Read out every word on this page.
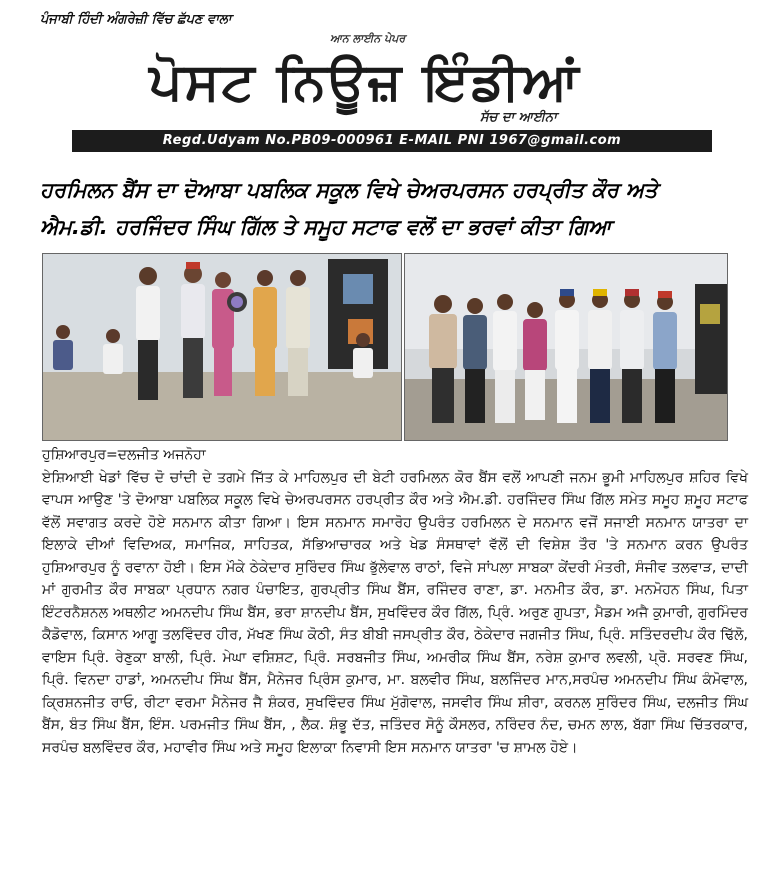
ਪੰਜਾਬੀ ਹਿੰਦੀ ਅੰਗਰੇਜ਼ੀ ਵਿੱਚ ਛੱਪਣ ਵਾਲਾ
ਆਨ ਲਾਈਨ ਪੇਪਰ
ਪੋਸਟ ਨਿਊਜ਼ ਇੰਡੀਆਂ
ਸੱਚ ਦਾ ਆਈਨਾ
Regd.Udyam No.PB09-000961 E-MAIL PNI 1967@gmail.com
ਹਰਮਿਲਨ ਬੈਂਸ ਦਾ ਦੋਆਬਾ ਪਬਲਿਕ ਸਕੂਲ ਵਿਖੇ ਚੇਅਰਪਰਸਨ ਹਰਪ੍ਰੀਤ ਕੌਰ ਅਤੇ
ਐਮ.ਡੀ. ਹਰਜਿੰਦਰ ਸਿੰਘ ਗਿੱਲ ਤੇ ਸਮੂਹ ਸਟਾਫ ਵਲੋਂ ਦਾ ਭਰਵਾਂ ਕੀਤਾ ਗਿਆ

ਹੁਸ਼ਿਆਰਪੁਰ=ਦਲਜੀਤ ਅਜਨੋਹਾ

ਏਸ਼ਿਆਈ ਖੇਡਾਂ ਵਿੱਚ ਦੋ ਚਾਂਦੀ ਦੇ ਤਗਮੇ ਜਿੱਤ ਕੇ ਮਾਹਿਲਪੁਰ ਦੀ ਬੇਟੀ ਹਰਮਿਲਨ ਕੋਰ ਬੈਂਸ ਵਲੋਂ ਆਪਣੀ ਜਨਮ ਭੂਮੀ ਮਾਹਿਲਪੁਰ ਸ਼ਹਿਰ ਵਿਖੇ ਵਾਪਸ ਆਉਣ 'ਤੇ ਦੋਆਬਾ ਪਬਲਿਕ ਸਕੂਲ ਵਿਖੇ ਚੇਅਰਪਰਸਨ ਹਰਪ੍ਰੀਤ ਕੌਰ ਅਤੇ ਐਮ.ਡੀ. ਹਰਜਿੰਦਰ ਸਿੰਘ ਗਿੱਲ ਸਮੇਤ ਸਮੂਹ ਸ਼ਮੂਹ ਸਟਾਫ ਵੱਲੋਂ ਸਵਾਗਤ ਕਰਦੇ ਹੋਏ ਸਨਮਾਨ ਕੀਤਾ ਗਿਆ। ਇਸ ਸਨਮਾਨ ਸਮਾਰੋਹ ਉਪਰੰਤ ਹਰਮਿਲਨ ਦੇ ਸਨਮਾਨ ਵਜੋਂ ਸਜਾਈ ਸਨਮਾਨ ਯਾਤਰਾ ਦਾ ਇਲਾਕੇ ਦੀਆਂ ਵਿਦਿਅਕ, ਸਮਾਜਿਕ, ਸਾਹਿਤਕ, ਸੱਭਿਆਚਾਰਕ ਅਤੇ ਖੇਡ ਸੰਸਥਾਵਾਂ ਵੱਲੋਂ ਦੀ ਵਿਸ਼ੇਸ਼ ਤੌਰ 'ਤੇ ਸਨਮਾਨ ਕਰਨ ਉਪਰੰਤ ਹੁਸ਼ਿਆਰਪੁਰ ਨੂੰ ਰਵਾਨਾ ਹੋਈ। ਇਸ ਮੌਕੇ ਠੇਕੇਦਾਰ ਸੁਰਿੰਦਰ ਸਿੰਘ ਭੁੱਲੇਵਾਲ ਰਾਠਾਂ, ਵਿਜੇ ਸਾਂਪਲਾ ਸਾਬਕਾ ਕੇਂਦਰੀ ਮੰਤਰੀ, ਸੰਜੀਵ ਤਲਵਾੜ, ਦਾਦੀ ਮਾਂ ਗੁਰਮੀਤ ਕੌਰ ਸਾਬਕਾ ਪ੍ਰਧਾਨ ਨਗਰ ਪੰਚਾਇਤ, ਗੁਰਪ੍ਰੀਤ ਸਿੰਘ ਬੈਂਸ, ਰਜਿੰਦਰ ਰਾਣਾ, ਡਾ. ਮਨਮੀਤ ਕੌਰ, ਡਾ. ਮਨਮੋਹਨ ਸਿੰਘ, ਪਿਤਾ ਇੰਟਰਨੈਸ਼ਨਲ ਅਥਲੀਟ ਅਮਨਦੀਪ ਸਿੰਘ ਬੈਂਸ, ਭਰਾ ਸ਼ਾਨਦੀਪ ਬੈਂਸ, ਸੁਖਵਿੰਦਰ ਕੌਰ ਗਿੱਲ, ਪ੍ਰਿੰ. ਅਰੁਣ ਗੁਪਤਾ, ਮੈਡਮ ਅਜੈ ਕੁਮਾਰੀ, ਗੁਰਮਿੰਦਰ ਕੈਡੋਵਾਲ, ਕਿਸਾਨ ਆਗੂ ਤਲਵਿੰਦਰ ਹੀਰ, ਮੱਖਣ ਸਿੰਘ ਕੋਠੀ, ਸੰਤ ਬੀਬੀ ਜਸਪ੍ਰੀਤ ਕੌਰ, ਠੇਕੇਦਾਰ ਜਗਜੀਤ ਸਿੰਘ, ਪ੍ਰਿੰ. ਸਤਿੰਦਰਦੀਪ ਕੌਰ ਢਿੱਲੋ, ਵਾਇਸ ਪ੍ਰਿੰ. ਰੇਣੁਕਾ ਬਾਲੀ, ਪ੍ਰਿੰ. ਮੇਘਾ ਵਸ਼ਿਸ਼ਟ, ਪ੍ਰਿੰ. ਸਰਬਜੀਤ ਸਿੰਘ, ਅਮਰੀਕ ਸਿੰਘ ਬੈਂਸ, ਨਰੇਸ਼ ਕੁਮਾਰ ਲਵਲੀ, ਪ੍ਰੋ. ਸਰਵਣ ਸਿੰਘ, ਪ੍ਰਿੰ. ਵਿਨਦਾ ਹਾਡਾਂ, ਅਮਨਦੀਪ ਸਿੰਘ ਬੈਂਸ, ਮੈਨੇਜਰ ਪ੍ਰਿੰਸ ਕੁਮਾਰ, ਮਾ. ਬਲਵੀਰ ਸਿੰਘ, ਬਲਜਿੰਦਰ ਮਾਨ,ਸਰਪੰਚ ਅਮਨਦੀਪ ਸਿੰਘ ਕੰਮੋਵਾਲ, ਕ੍ਰਿਸ਼ਨਜੀਤ ਰਾਓ, ਰੀਟਾ ਵਰਮਾ ਮੈਨੇਜਰ ਜੈ ਸ਼ੰਕਰ, ਸੁਖਵਿੰਦਰ ਸਿੰਘ ਮੁੱਗੋਵਾਲ, ਜਸਵੀਰ ਸਿੰਘ ਸ਼ੀਰਾ, ਕਰਨਲ ਸੁਰਿੰਦਰ ਸਿੰਘ, ਦਲਜੀਤ ਸਿੰਘ ਬੈਂਸ, ਬੰਤ ਸਿੰਘ ਬੈਂਸ, ਇੰਸ. ਪਰਮਜੀਤ ਸਿੰਘ ਬੈਂਸ, , ਲੈਕ. ਸ਼ੰਭੂ ਦੱਤ, ਜਤਿੰਦਰ ਸੋਨੂੰ ਕੌਸਲਰ, ਨਰਿੰਦਰ ਨੰਦ, ਚਮਨ ਲਾਲ, ਬੱਗਾ ਸਿੰਘ ਚਿੱਤਰਕਾਰ, ਸਰਪੰਚ ਬਲਵਿੰਦਰ ਕੌਰ, ਮਹਾਵੀਰ ਸਿੰਘ ਅਤੇ ਸਮੂਹ ਇਲਾਕਾ ਨਿਵਾਸੀ ਇਸ ਸਨਮਾਨ ਯਾਤਰਾ 'ਚ ਸ਼ਾਮਲ ਹੋਏ।
